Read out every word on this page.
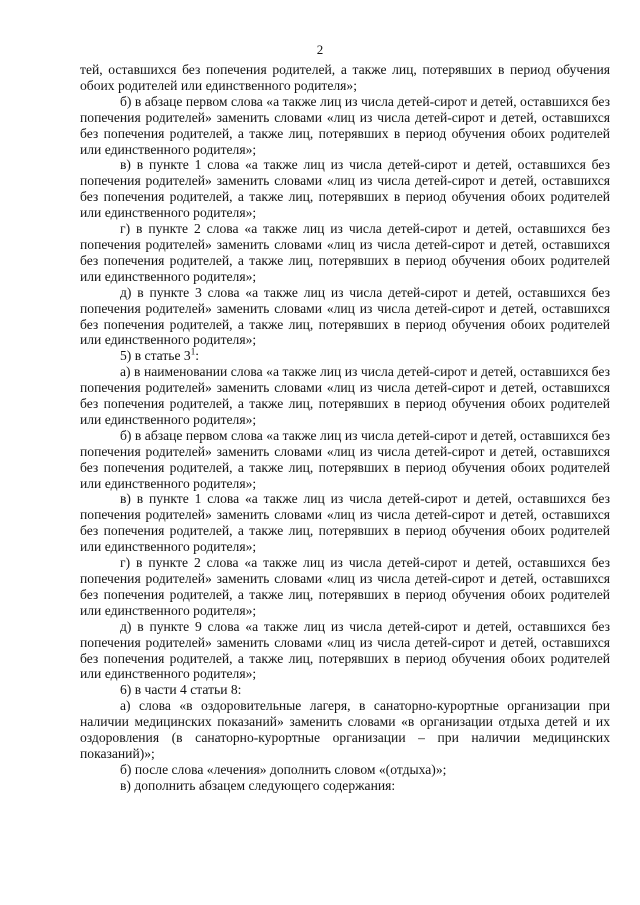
2

тей, оставшихся без попечения родителей, а также лиц, потерявших в период обучения обоих родителей или единственного родителя»;

б) в абзаце первом слова «а также лиц из числа детей-сирот и детей, оставшихся без попечения родителей» заменить словами «лиц из числа детей-сирот и детей, оставшихся без попечения родителей, а также лиц, потерявших в период обучения обоих родителей или единственного родителя»;

в) в пункте 1 слова «а также лиц из числа детей-сирот и детей, оставшихся без попечения родителей» заменить словами «лиц из числа детей-сирот и детей, оставшихся без попечения родителей, а также лиц, потерявших в период обучения обоих родителей или единственного родителя»;

г) в пункте 2 слова «а также лиц из числа детей-сирот и детей, оставшихся без попечения родителей» заменить словами «лиц из числа детей-сирот и детей, оставшихся без попечения родителей, а также лиц, потерявших в период обучения обоих родителей или единственного родителя»;

д) в пункте 3 слова «а также лиц из числа детей-сирот и детей, оставшихся без попечения родителей» заменить словами «лиц из числа детей-сирот и детей, оставшихся без попечения родителей, а также лиц, потерявших в период обучения обоих родителей или единственного родителя»;

5) в статье $3^1$:

а) в наименовании слова «а также лиц из числа детей-сирот и детей, оставшихся без попечения родителей» заменить словами «лиц из числа детей-сирот и детей, оставшихся без попечения родителей, а также лиц, потерявших в период обучения обоих родителей или единственного родителя»;

б) в абзаце первом слова «а также лиц из числа детей-сирот и детей, оставшихся без попечения родителей» заменить словами «лиц из числа детей-сирот и детей, оставшихся без попечения родителей, а также лиц, потерявших в период обучения обоих родителей или единственного родителя»;

в) в пункте 1 слова «а также лиц из числа детей-сирот и детей, оставшихся без попечения родителей» заменить словами «лиц из числа детей-сирот и детей, оставшихся без попечения родителей, а также лиц, потерявших в период обучения обоих родителей или единственного родителя»;

г) в пункте 2 слова «а также лиц из числа детей-сирот и детей, оставшихся без попечения родителей» заменить словами «лиц из числа детей-сирот и детей, оставшихся без попечения родителей, а также лиц, потерявших в период обучения обоих родителей или единственного родителя»;

д) в пункте 9 слова «а также лиц из числа детей-сирот и детей, оставшихся без попечения родителей» заменить словами «лиц из числа детей-сирот и детей, оставшихся без попечения родителей, а также лиц, потерявших в период обучения обоих родителей или единственного родителя»;

6) в части 4 статьи 8:

а) слова «в оздоровительные лагеря, в санаторно-курортные организации при наличии медицинских показаний» заменить словами «в организации отдыха детей и их оздоровления (в санаторно-курортные организации – при наличии медицинских показаний)»;

б) после слова «лечения» дополнить словом «(отдыха)»;

в) дополнить абзацем следующего содержания:
